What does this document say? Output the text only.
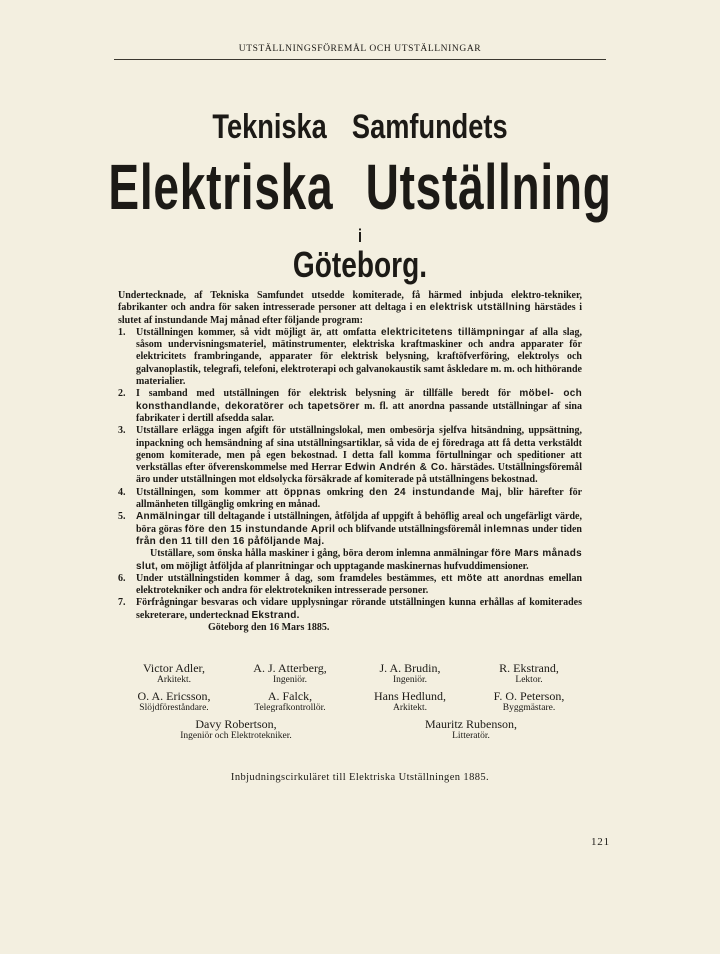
UTSTÄLLNINGSFÖREMÅL OCH UTSTÄLLNINGAR
Tekniska Samfundets
Elektriska Utställning
i
Göteborg.

Undertecknade, af Tekniska Samfundet utsedde komiterade, få härmed inbjuda elektro-tekniker, fabrikanter och andra för saken intresserade personer att deltaga i en elektrisk utställning härstädes i slutet af instundande Maj månad efter följande program:

1.	Utställningen kommer, så vidt möjligt är, att omfatta elektricitetens tillämpningar af alla slag, såsom undervisningsmateriel, mätinstrumenter, elektriska kraftmaskiner och andra apparater för elektricitets frambringande, apparater för elektrisk belysning, kraftöfverföring, elektrolys och galvanoplastik, telegrafi, telefoni, elektroterapi och galvanokaustik samt åskledare m. m. och hithörande materialier.
2.	I samband med utställningen för elektrisk belysning är tillfälle beredt för möbel- och konsthandlande, dekoratörer och tapetsörer m. fl. att anordna passande utställningar af sina fabrikater i dertill afsedda salar.
3.	Utställare erlägga ingen afgift för utställningslokal, men ombesörja sjelfva hitsändning, uppsättning, inpackning och hemsändning af sina utställningsartiklar, så vida de ej föredraga att få detta verkstäldt genom komiteradе, men på egen bekostnad. I detta fall komma förtullningar och speditioner att verkställas efter öfverenskommelse med Herrar Edwin Andrén & Co. härstädes. Utställningsföremål äro under utställningen mot eldsolycka försäkrade af komiterade på utställningens bekostnad.
4.	Utställningen, som kommer att öppnas omkring den 24 instundande Maj, blir härefter för allmänheten tillgänglig omkring en månad.
5.	Anmälningar till deltagande i utställningen, åtföljda af uppgift å behöflig areal och ungefärligt värde, böra göras före den 15 instundande April och blifvande utställningsföremål inlemnas under tiden från den 11 till den 16 påföljande Maj.

Utställare, som önska hålla maskiner i gång, böra derom inlemna anmälningar före Mars månads slut, om möjligt åtföljda af planritningar och upptagande maskinernas hufvuddimensioner.

6.	Under utställningstiden kommer å dag, som framdeles bestämmes, ett möte att anordnas emellan elektroteknikеr och andra för elektrotekniken intresserade personer.
7.	Förfrågningar besvaras och vidare upplysningar rörande utställningen kunna erhållas af komiterades sekreterare, undertecknad Ekstrand.

Göteborg den 16 Mars 1885.

Victor Adler,
Arkitekt.
A. J. Atterberg,
Ingeniör.
J. A. Brudin,
Ingeniör.
R. Ekstrand,
Lektor.
O. A. Ericsson,
Slöjdföreståndare.
A. Falck,
Telegrafkontrollör.
Hans Hedlund,
Arkitekt.
F. O. Peterson,
Byggmästare.
Davy Robertson,
Ingeniör och Elektrotekniker.
Mauritz Rubenson,
Litteratör.
Inbjudningscirkuläret till Elektriska Utställningen 1885.
121
